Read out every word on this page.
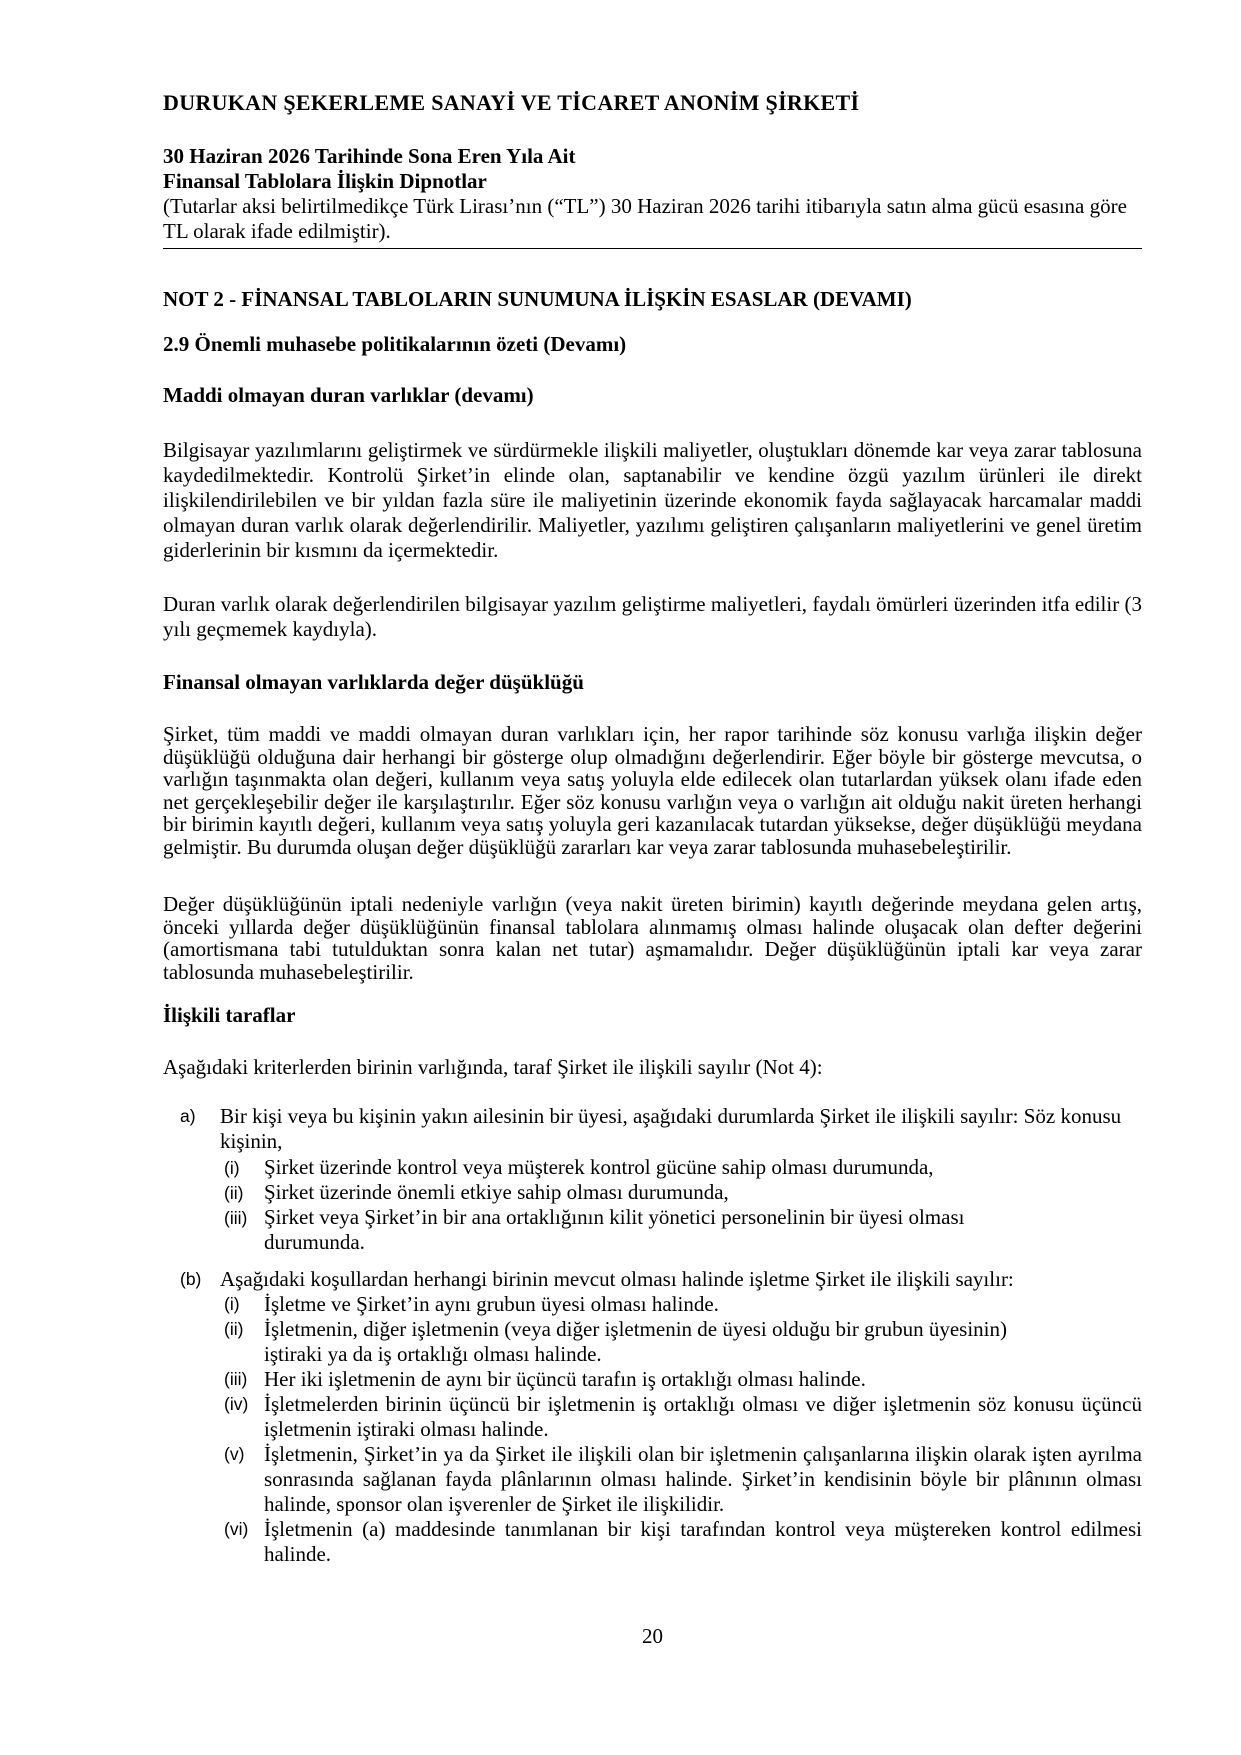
DURUKAN ŞEKERLEME SANAYİ VE TİCARET ANONİM ŞİRKETİ
30 Haziran 2026 Tarihinde Sona Eren Yıla Ait
Finansal Tablolara İlişkin Dipnotlar
(Tutarlar aksi belirtilmedikçe Türk Lirası’nın (“TL”) 30 Haziran 2026 tarihi itibarıyla satın alma gücü esasına göre TL olarak ifade edilmiştir).
NOT 2 - FİNANSAL TABLOLARIN SUNUMUNA İLİŞKİN ESASLAR (DEVAMI)
2.9 Önemli muhasebe politikalarının özeti (Devamı)
Maddi olmayan duran varlıklar (devamı)
Bilgisayar yazılımlarını geliştirmek ve sürdürmekle ilişkili maliyetler, oluştukları dönemde kar veya zarar tablosuna kaydedilmektedir. Kontrolü Şirket’in elinde olan, saptanabilir ve kendine özgü yazılım ürünleri ile direkt ilişkilendirilebilen ve bir yıldan fazla süre ile maliyetinin üzerinde ekonomik fayda sağlayacak harcamalar maddi olmayan duran varlık olarak değerlendirilir. Maliyetler, yazılımı geliştiren çalışanların maliyetlerini ve genel üretim giderlerinin bir kısmını da içermektedir.
Duran varlık olarak değerlendirilen bilgisayar yazılım geliştirme maliyetleri, faydalı ömürleri üzerinden itfa edilir (3 yılı geçmemek kaydıyla).
Finansal olmayan varlıklarda değer düşüklüğü
Şirket, tüm maddi ve maddi olmayan duran varlıkları için, her rapor tarihinde söz konusu varlığa ilişkin değer düşüklüğü olduğuna dair herhangi bir gösterge olup olmadığını değerlendirir. Eğer böyle bir gösterge mevcutsa, o varlığın taşınmakta olan değeri, kullanım veya satış yoluyla elde edilecek olan tutarlardan yüksek olanı ifade eden net gerçekleşebilir değer ile karşılaştırılır. Eğer söz konusu varlığın veya o varlığın ait olduğu nakit üreten herhangi bir birimin kayıtlı değeri, kullanım veya satış yoluyla geri kazanılacak tutardan yüksekse, değer düşüklüğü meydana gelmiştir. Bu durumda oluşan değer düşüklüğü zararları kar veya zarar tablosunda muhasebeleştirilir.
Değer düşüklüğünün iptali nedeniyle varlığın (veya nakit üreten birimin) kayıtlı değerinde meydana gelen artış, önceki yıllarda değer düşüklüğünün finansal tablolara alınmamış olması halinde oluşacak olan defter değerini (amortismana tabi tutulduktan sonra kalan net tutar) aşmamalıdır. Değer düşüklüğünün iptali kar veya zarar tablosunda muhasebeleştirilir.
İlişkili taraflar
Aşağıdaki kriterlerden birinin varlığında, taraf Şirket ile ilişkili sayılır (Not 4):
a) Bir kişi veya bu kişinin yakın ailesinin bir üyesi, aşağıdaki durumlarda Şirket ile ilişkili sayılır: Söz konusu kişinin,
(i) Şirket üzerinde kontrol veya müşterek kontrol gücüne sahip olması durumunda,
(ii) Şirket üzerinde önemli etkiye sahip olması durumunda,
(iii) Şirket veya Şirket’in bir ana ortaklığının kilit yönetici personelinin bir üyesi olması durumunda.
(b) Aşağıdaki koşullardan herhangi birinin mevcut olması halinde işletme Şirket ile ilişkili sayılır:
(i) İşletme ve Şirket’in aynı grubun üyesi olması halinde.
(ii) İşletmenin, diğer işletmenin (veya diğer işletmenin de üyesi olduğu bir grubun üyesinin) iştiraki ya da iş ortaklığı olması halinde.
(iii) Her iki işletmenin de aynı bir üçüncü tarafın iş ortaklığı olması halinde.
(iv) İşletmelerden birinin üçüncü bir işletmenin iş ortaklığı olması ve diğer işletmenin söz konusu üçüncü işletmenin iştiraki olması halinde.
(v) İşletmenin, Şirket’in ya da Şirket ile ilişkili olan bir işletmenin çalışanlarına ilişkin olarak işten ayrılma sonrasında sağlanan fayda plânlarının olması halinde. Şirket’in kendisinin böyle bir plânının olması halinde, sponsor olan işverenler de Şirket ile ilişkilidir.
(vi) İşletmenin (a) maddesinde tanımlanan bir kişi tarafından kontrol veya müştereken kontrol edilmesi halinde.
20
